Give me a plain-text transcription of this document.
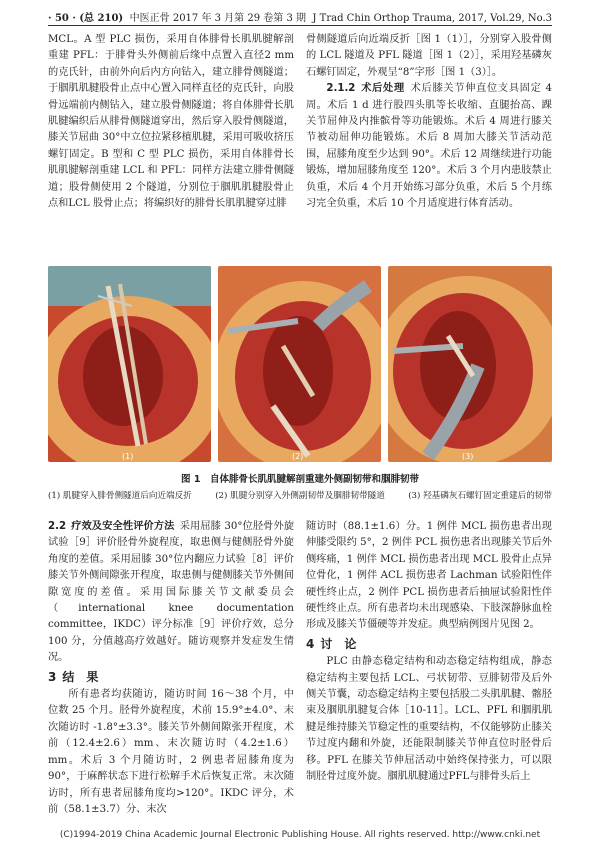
· 50 · (总 210) 中医正骨 2017 年 3 月第 29 卷第 3 期 J Trad Chin Orthop Trauma, 2017, Vol.29, No.3

MCL。A 型 PLC 损伤，采用自体腓骨长肌肌腱解剖重建 PFL：于腓骨头外侧前后缘中点置入直径2 mm的克氏针，由前外向后内方向钻入，建立腓骨侧隧道；于腘肌肌腱股骨止点中心置入同样直径的克氏针，向股骨远端前内侧钻入，建立股骨侧隧道；将自体腓骨长肌肌腱编织后从腓骨侧隧道穿出，然后穿入股骨侧隧道，膝关节屈曲 30°中立位拉紧移植肌腱，采用可吸收挤压螺钉固定。B 型和 C 型 PLC 损伤，采用自体腓骨长肌肌腱解剖重建 LCL 和 PFL：同样方法建立腓骨侧隧道；股骨侧使用 2 个隧道，分别位于腘肌肌腱股骨止点和LCL 股骨止点；将编织好的腓骨长肌肌腱穿过腓

骨侧隧道后向近端反折［图 1（1）］，分别穿入股骨侧的 LCL 隧道及 PFL 隧道［图 1（2）］，采用羟基磷灰石螺钉固定，外观呈“8”字形［图 1（3）］。

2.1.2  术后处理  术后膝关节伸直位支具固定 4 周。术后 1 d 进行股四头肌等长收缩、直腿抬高、踝关节屈伸及内推髌骨等功能锻炼。术后 4 周进行膝关节被动屈伸功能锻炼。术后 8 周加大膝关节活动范围，屈膝角度至少达到 90°。术后 12 周继续进行功能锻炼，增加屈膝角度至 120°。术后 3 个月内患肢禁止负重，术后 4 个月开始练习部分负重，术后 5 个月练习完全负重，术后 10 个月适度进行体育活动。

(1)	(2)	(3)
图 1　自体腓骨长肌肌腱解剖重建外侧副韧带和腘腓韧带
(1) 肌腱穿入腓骨侧隧道后向近端反折	(2) 肌腱分别穿入外侧副韧带及腘腓韧带隧道	(3) 羟基磷灰石螺钉固定重建后的韧带

2.2  疗效及安全性评价方法  采用屈膝 30°位胫骨外旋试验［9］评价胫骨外旋程度，取患侧与健侧胫骨外旋角度的差值。采用屈膝 30°位内翻应力试验［8］评价膝关节外侧间隙张开程度，取患侧与健侧膝关节外侧间隙宽度的差值。采用国际膝关节文献委员会（international knee documentation committee，IKDC）评分标准［9］评价疗效，总分 100 分，分值越高疗效越好。随访观察并发症发生情况。

3  结　果

所有患者均获随访，随访时间 16～38 个月，中位数 25 个月。胫骨外旋程度，术前 15.9°±4.0°、末次随访时 -1.8°±3.3°。膝关节外侧间隙张开程度，术前（12.4±2.6）mm、末次随访时（4.2±1.6）mm。术后 3 个月随访时，2 例患者屈膝角度为 90°，于麻醉状态下进行松解手术后恢复正常。末次随访时，所有患者屈膝角度均>120°。IKDC 评分，术前（58.1±3.7）分、末次

随访时（88.1±1.6）分。1 例伴 MCL 损伤患者出现伸膝受限约 5°，2 例伴 PCL 损伤患者出现膝关节后外侧疼痛，1 例伴 MCL 损伤患者出现 MCL 股骨止点异位骨化，1 例伴 ACL 损伤患者 Lachman 试验阳性伴硬性终止点，2 例伴 PCL 损伤患者后抽屉试验阳性伴硬性终止点。所有患者均未出现感染、下肢深静脉血栓形成及膝关节僵硬等并发症。典型病例图片见图 2。

4  讨　论

PLC 由静态稳定结构和动态稳定结构组成，静态稳定结构主要包括 LCL、弓状韧带、豆腓韧带及后外侧关节囊，动态稳定结构主要包括股二头肌肌腱、髂胫束及腘肌肌腱复合体［10-11］。LCL、PFL 和腘肌肌腱是维持膝关节稳定性的重要结构，不仅能够防止膝关节过度内翻和外旋，还能限制膝关节伸直位时胫骨后移。PFL 在膝关节伸屈活动中始终保持张力，可以限制胫骨过度外旋。腘肌肌腱通过PFL与腓骨头后上

(C)1994-2019 China Academic Journal Electronic Publishing House. All rights reserved. http://www.cnki.net
